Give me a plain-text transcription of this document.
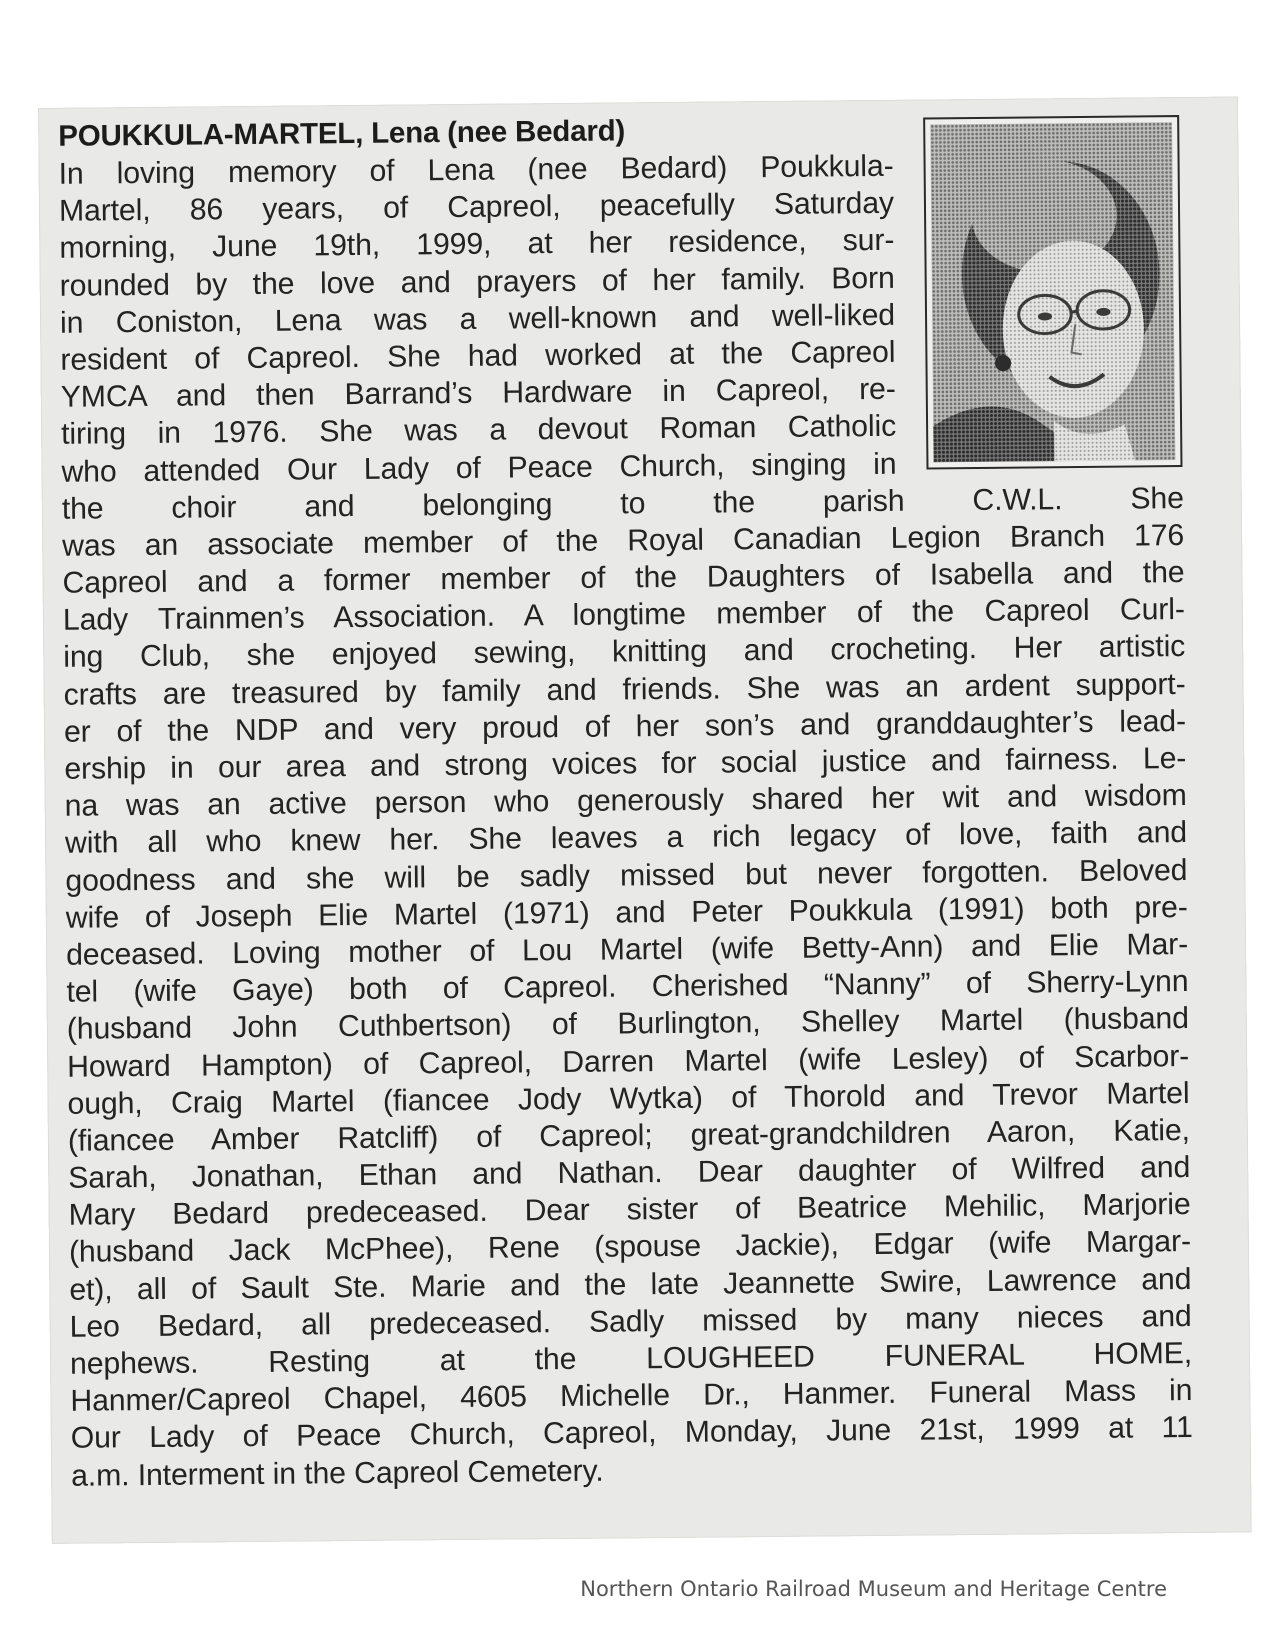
POUKKULA-MARTEL, Lena (nee Bedard)
In loving memory of Lena (nee Bedard) Poukkula-
Martel, 86 years, of Capreol, peacefully Saturday
morning, June 19th, 1999, at her residence, sur-
rounded by the love and prayers of her family. Born
in Coniston, Lena was a well-known and well-liked
resident of Capreol. She had worked at the Capreol
YMCA and then Barrand’s Hardware in Capreol, re-
tiring in 1976. She was a devout Roman Catholic
who attended Our Lady of Peace Church, singing in
the choir and belonging to the parish C.W.L. She
was an associate member of the Royal Canadian Legion Branch 176
Capreol and a former member of the Daughters of Isabella and the
Lady Trainmen’s Association. A longtime member of the Capreol Curl-
ing Club, she enjoyed sewing, knitting and crocheting. Her artistic
crafts are treasured by family and friends. She was an ardent support-
er of the NDP and very proud of her son’s and granddaughter’s lead-
ership in our area and strong voices for social justice and fairness. Le-
na was an active person who generously shared her wit and wisdom
with all who knew her. She leaves a rich legacy of love, faith and
goodness and she will be sadly missed but never forgotten. Beloved
wife of Joseph Elie Martel (1971) and Peter Poukkula (1991) both pre-
deceased. Loving mother of Lou Martel (wife Betty-Ann) and Elie Mar-
tel (wife Gaye) both of Capreol. Cherished “Nanny” of Sherry-Lynn
(husband John Cuthbertson) of Burlington, Shelley Martel (husband
Howard Hampton) of Capreol, Darren Martel (wife Lesley) of Scarbor-
ough, Craig Martel (fiancee Jody Wytka) of Thorold and Trevor Martel
(fiancee Amber Ratcliff) of Capreol; great-grandchildren Aaron, Katie,
Sarah, Jonathan, Ethan and Nathan. Dear daughter of Wilfred and
Mary Bedard predeceased. Dear sister of Beatrice Mehilic, Marjorie
(husband Jack McPhee), Rene (spouse Jackie), Edgar (wife Margar-
et), all of Sault Ste. Marie and the late Jeannette Swire, Lawrence and
Leo Bedard, all predeceased. Sadly missed by many nieces and
nephews. Resting at the LOUGHEED FUNERAL HOME,
Hanmer/Capreol Chapel, 4605 Michelle Dr., Hanmer. Funeral Mass in
Our Lady of Peace Church, Capreol, Monday, June 21st, 1999 at 11
a.m. Interment in the Capreol Cemetery.
Northern Ontario Railroad Museum and Heritage Centre
